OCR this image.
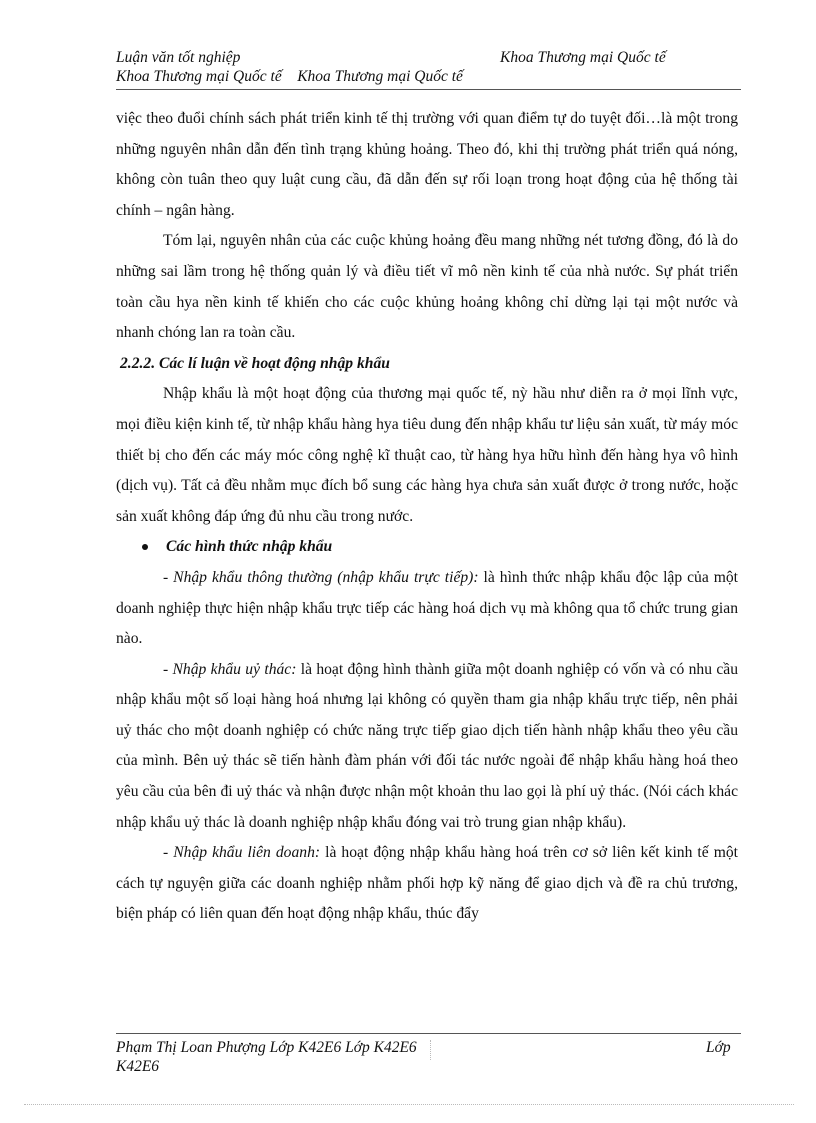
Luận văn tốt nghiệp	Khoa Thương mại Quốc tế
Khoa Thương mại Quốc tế    Khoa Thương mại Quốc tế

việc theo đuổi chính sách phát triển kinh tế thị trường với quan điểm tự do tuyệt đối…là một trong những nguyên nhân dẫn đến tình trạng khủng hoảng. Theo đó, khi thị trường phát triển quá nóng, không còn tuân theo quy luật cung cầu, đã dẫn đến sự rối loạn trong hoạt động của hệ thống tài chính – ngân hàng.

Tóm lại, nguyên nhân của các cuộc khủng hoảng đều mang những nét tương đồng, đó là do những sai lầm trong hệ thống quản lý và điều tiết vĩ mô nền kinh tế của nhà nước. Sự phát triển toàn cầu hya nền kinh tế khiến cho các cuộc khủng hoảng không chỉ dừng lại tại một nước và nhanh chóng lan ra toàn cầu.

2.2.2. Các lí luận về hoạt động nhập khẩu

Nhập khẩu là một hoạt động của thương mại quốc tế, nỳ hầu như diễn ra ở mọi lĩnh vực, mọi điều kiện kinh tế, từ nhập khẩu hàng hya tiêu dung đến nhập khẩu tư liệu sản xuất, từ máy móc thiết bị cho đến các máy móc công nghệ kĩ thuật cao, từ hàng hya hữu hình đến hàng hya vô hình (dịch vụ). Tất cả đều nhằm mục đích bổ sung các hàng hya chưa sản xuất được ở trong nước, hoặc sản xuất không đáp ứng đủ nhu cầu trong nước.

Các hình thức nhập khẩu

- Nhập khẩu thông thường (nhập khẩu trực tiếp): là hình thức nhập khẩu độc lập của một doanh nghiệp thực hiện nhập khẩu trực tiếp các hàng hoá dịch vụ mà không qua tổ chức trung gian nào.

- Nhập khẩu uỷ thác: là hoạt động hình thành giữa một doanh nghiệp có vốn và có nhu cầu nhập khẩu một số loại hàng hoá nhưng lại không có quyền tham gia nhập khẩu trực tiếp, nên phải uỷ thác cho một doanh nghiệp có chức năng trực tiếp giao dịch tiến hành nhập khẩu theo yêu cầu của mình. Bên uỷ thác sẽ tiến hành đàm phán với đối tác nước ngoài để nhập khẩu hàng hoá theo yêu cầu của bên đi uỷ thác và nhận được nhận một khoản thu lao gọi là phí uỷ thác. (Nói cách khác nhập khẩu uỷ thác là doanh nghiệp nhập khẩu đóng vai trò trung gian nhập khẩu).

- Nhập khẩu liên doanh: là hoạt động nhập khẩu hàng hoá trên cơ sở liên kết kinh tế một cách tự nguyện giữa các doanh nghiệp nhằm phối hợp kỹ năng để giao dịch và đề ra chủ trương, biện pháp có liên quan đến hoạt động nhập khẩu, thúc đẩy

Phạm Thị Loan Phượng Lớp K42E6 Lớp K42E6	Lớp
K42E6
